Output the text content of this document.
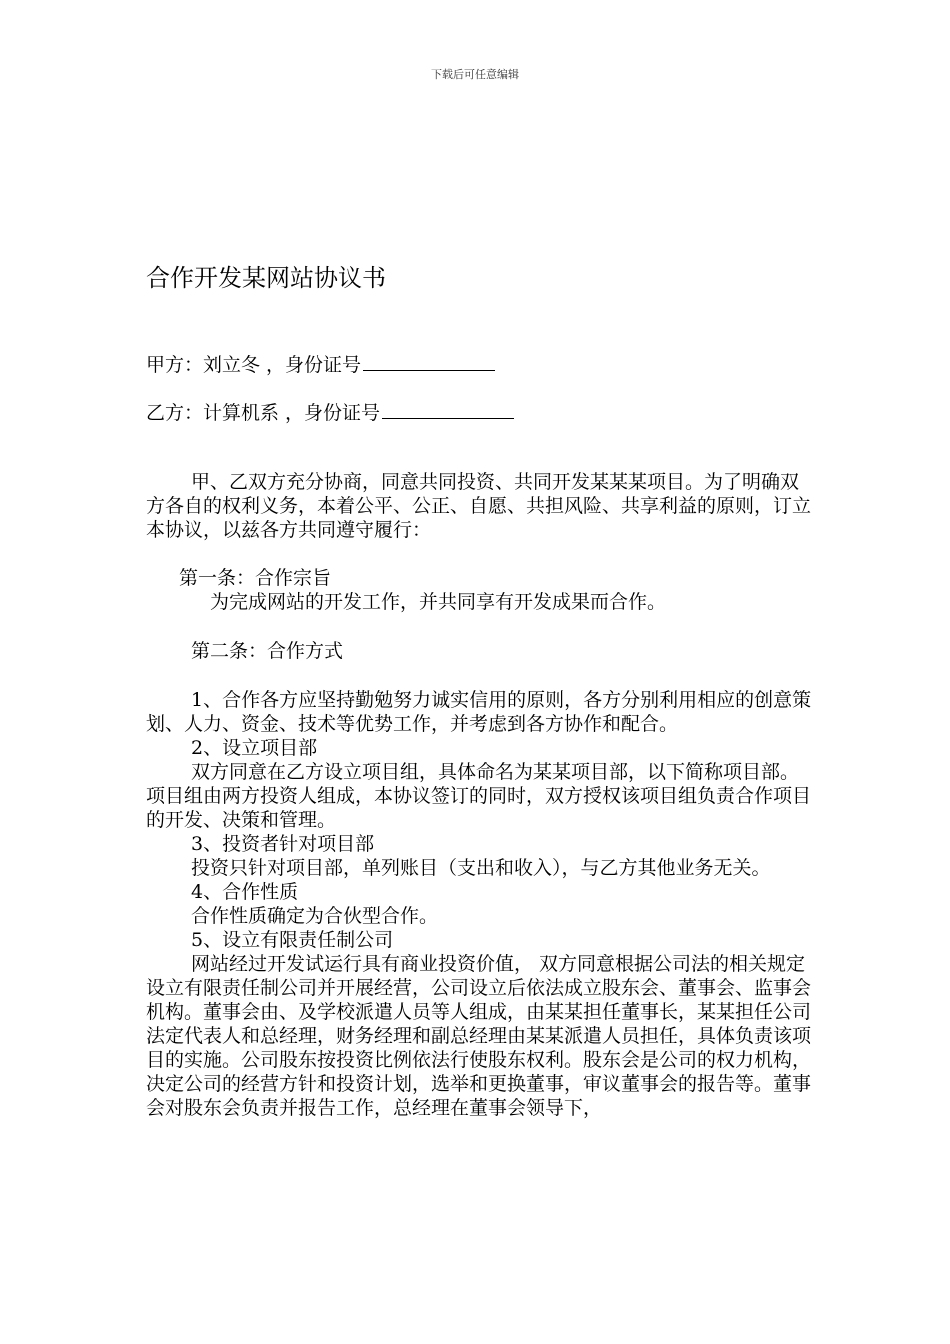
下载后可任意编辑
合作开发某网站协议书
甲方：刘立冬 ，身份证号
乙方：计算机系 ，身份证号

甲、乙双方充分协商，同意共同投资、共同开发某某某项目。为了明确双方各自的权利义务，本着公平、公正、自愿、共担风险、共享利益的原则，订立本协议，以兹各方共同遵守履行：

第一条：合作宗旨

为完成网站的开发工作，并共同享有开发成果而合作。

第二条：合作方式

1、合作各方应坚持勤勉努力诚实信用的原则，各方分别利用相应的创意策划、人力、资金、技术等优势工作，并考虑到各方协作和配合。

2、设立项目部

双方同意在乙方设立项目组，具体命名为某某项目部，以下简称项目部。项目组由两方投资人组成，本协议签订的同时，双方授权该项目组负责合作项目的开发、决策和管理。

3、投资者针对项目部

投资只针对项目部，单列账目（支出和收入），与乙方其他业务无关。

4、合作性质

合作性质确定为合伙型合作。

5、设立有限责任制公司

网站经过开发试运行具有商业投资价值， 双方同意根据公司法的相关规定设立有限责任制公司并开展经营，公司设立后依法成立股东会、董事会、监事会机构。董事会由、及学校派遣人员等人组成，由某某担任董事长，某某担任公司法定代表人和总经理，财务经理和副总经理由某某派遣人员担任，具体负责该项目的实施。公司股东按投资比例依法行使股东权利。股东会是公司的权力机构，决定公司的经营方针和投资计划，选举和更换董事，审议董事会的报告等。董事会对股东会负责并报告工作，总经理在董事会领导下，
